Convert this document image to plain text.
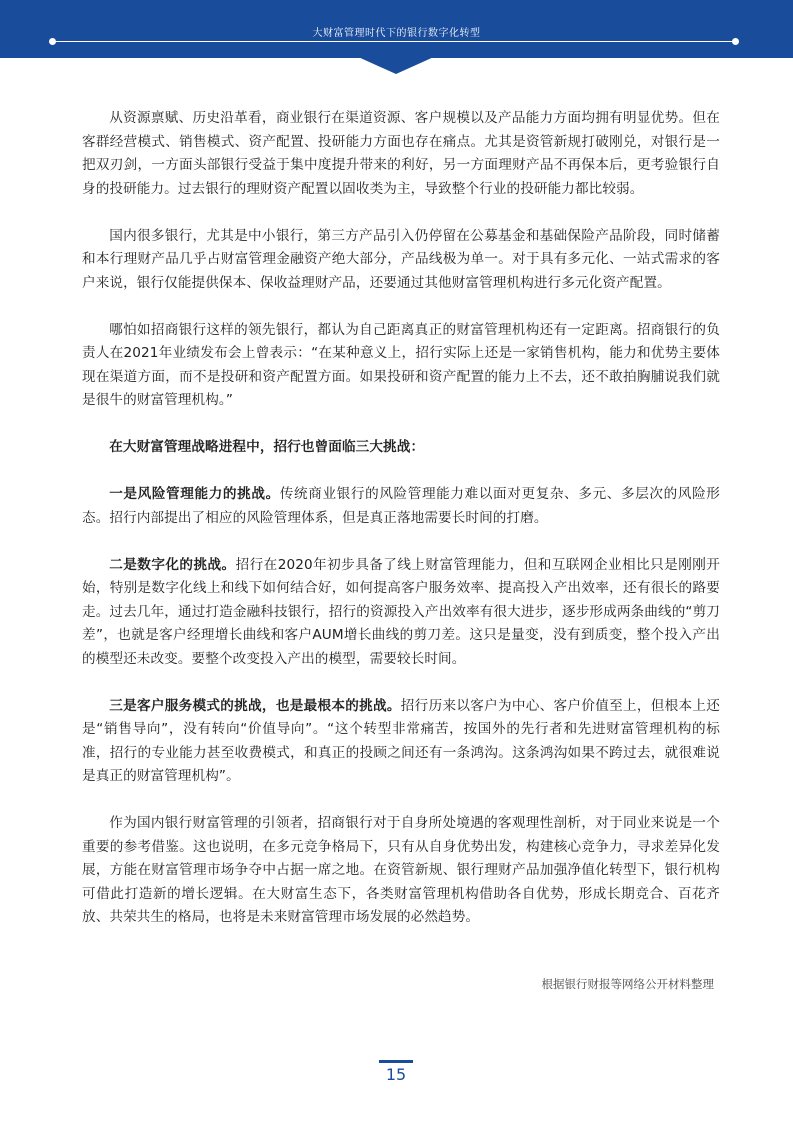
大财富管理时代下的银行数字化转型

从资源禀赋、历史沿革看，商业银行在渠道资源、客户规模以及产品能力方面均拥有明显优势。但在客群经营模式、销售模式、资产配置、投研能力方面也存在痛点。尤其是资管新规打破刚兑，对银行是一把双刃剑，一方面头部银行受益于集中度提升带来的利好，另一方面理财产品不再保本后，更考验银行自身的投研能力。过去银行的理财资产配置以固收类为主，导致整个行业的投研能力都比较弱。

国内很多银行，尤其是中小银行，第三方产品引入仍停留在公募基金和基础保险产品阶段，同时储蓄和本行理财产品几乎占财富管理金融资产绝大部分，产品线极为单一。对于具有多元化、一站式需求的客户来说，银行仅能提供保本、保收益理财产品，还要通过其他财富管理机构进行多元化资产配置。

哪怕如招商银行这样的领先银行，都认为自己距离真正的财富管理机构还有一定距离。招商银行的负责人在2021年业绩发布会上曾表示：“在某种意义上，招行实际上还是一家销售机构，能力和优势主要体现在渠道方面，而不是投研和资产配置方面。如果投研和资产配置的能力上不去，还不敢拍胸脯说我们就是很牛的财富管理机构。”

在大财富管理战略进程中，招行也曾面临三大挑战：

一是风险管理能力的挑战。传统商业银行的风险管理能力难以面对更复杂、多元、多层次的风险形态。招行内部提出了相应的风险管理体系，但是真正落地需要长时间的打磨。

二是数字化的挑战。招行在2020年初步具备了线上财富管理能力，但和互联网企业相比只是刚刚开始，特别是数字化线上和线下如何结合好，如何提高客户服务效率、提高投入产出效率，还有很长的路要走。过去几年，通过打造金融科技银行，招行的资源投入产出效率有很大进步，逐步形成两条曲线的“剪刀差”，也就是客户经理增长曲线和客户AUM增长曲线的剪刀差。这只是量变，没有到质变，整个投入产出的模型还未改变。要整个改变投入产出的模型，需要较长时间。

三是客户服务模式的挑战，也是最根本的挑战。招行历来以客户为中心、客户价值至上，但根本上还是“销售导向”，没有转向“价值导向”。“这个转型非常痛苦，按国外的先行者和先进财富管理机构的标准，招行的专业能力甚至收费模式，和真正的投顾之间还有一条鸿沟。这条鸿沟如果不跨过去，就很难说是真正的财富管理机构”。

作为国内银行财富管理的引领者，招商银行对于自身所处境遇的客观理性剖析，对于同业来说是一个重要的参考借鉴。这也说明，在多元竞争格局下，只有从自身优势出发，构建核心竞争力，寻求差异化发展，方能在财富管理市场争夺中占据一席之地。在资管新规、银行理财产品加强净值化转型下，银行机构可借此打造新的增长逻辑。在大财富生态下，各类财富管理机构借助各自优势，形成长期竞合、百花齐放、共荣共生的格局，也将是未来财富管理市场发展的必然趋势。

根据银行财报等网络公开材料整理
15
